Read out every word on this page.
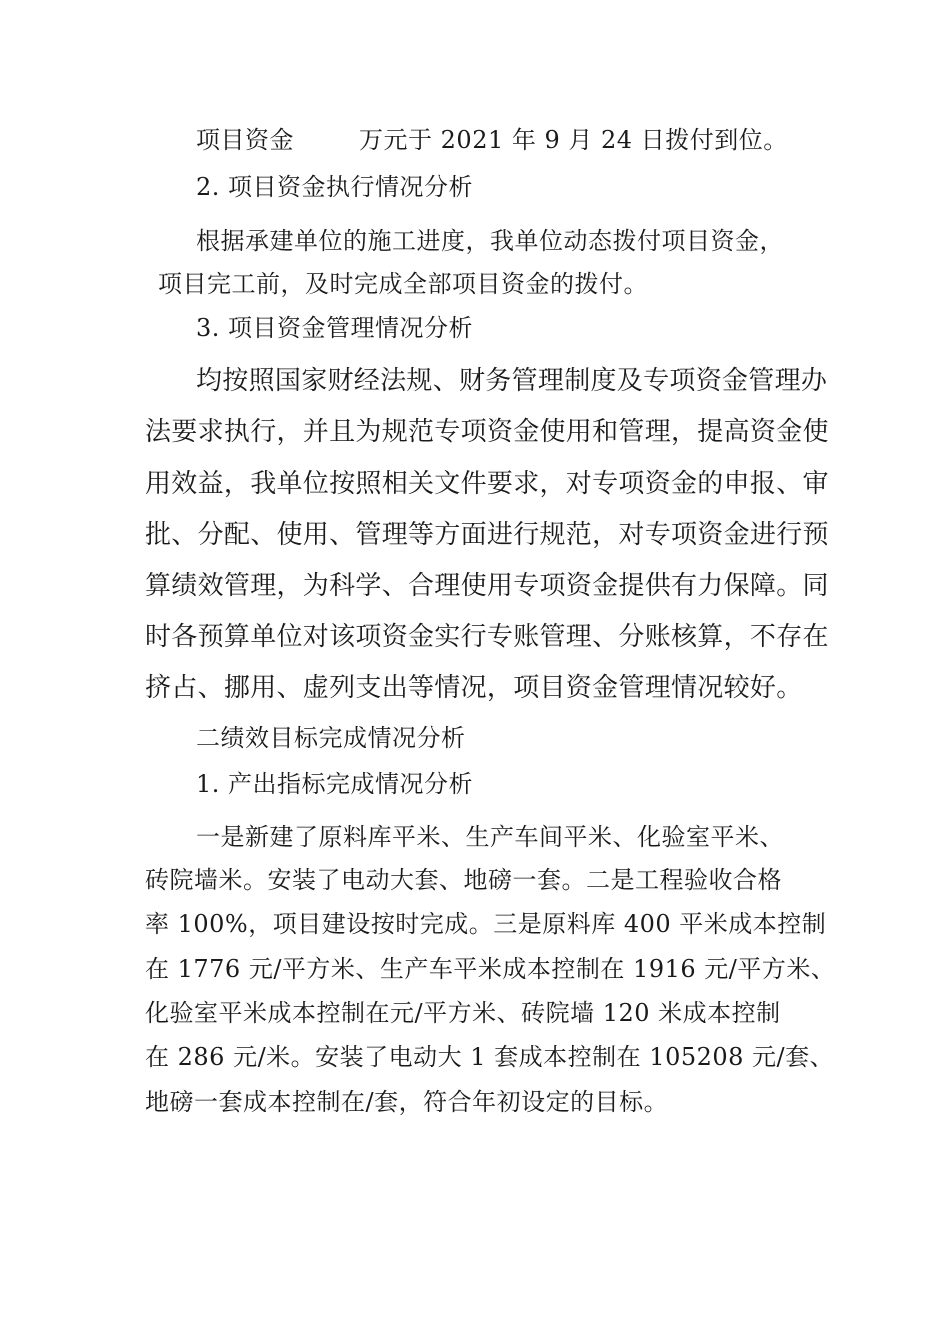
项目资金        万元于 2021 年 9 月 24 日拨付到位。
2. 项目资金执行情况分析
根据承建单位的施工进度，我单位动态拨付项目资金，
项目完工前，及时完成全部项目资金的拨付。
3. 项目资金管理情况分析
均按照国家财经法规、财务管理制度及专项资金管理办
法要求执行，并且为规范专项资金使用和管理，提高资金使
用效益，我单位按照相关文件要求，对专项资金的申报、审
批、分配、使用、管理等方面进行规范，对专项资金进行预
算绩效管理，为科学、合理使用专项资金提供有力保障。同
时各预算单位对该项资金实行专账管理、分账核算，不存在
挤占、挪用、虚列支出等情况，项目资金管理情况较好。
二绩效目标完成情况分析
1. 产出指标完成情况分析
一是新建了原料库平米、生产车间平米、化验室平米、
砖院墙米。安装了电动大套、地磅一套。二是工程验收合格
率 100%，项目建设按时完成。三是原料库 400 平米成本控制
在 1776 元/平方米、生产车平米成本控制在 1916 元/平方米、
化验室平米成本控制在元/平方米、砖院墙 120 米成本控制
在 286 元/米。安装了电动大 1 套成本控制在 105208 元/套、
地磅一套成本控制在/套，符合年初设定的目标。
